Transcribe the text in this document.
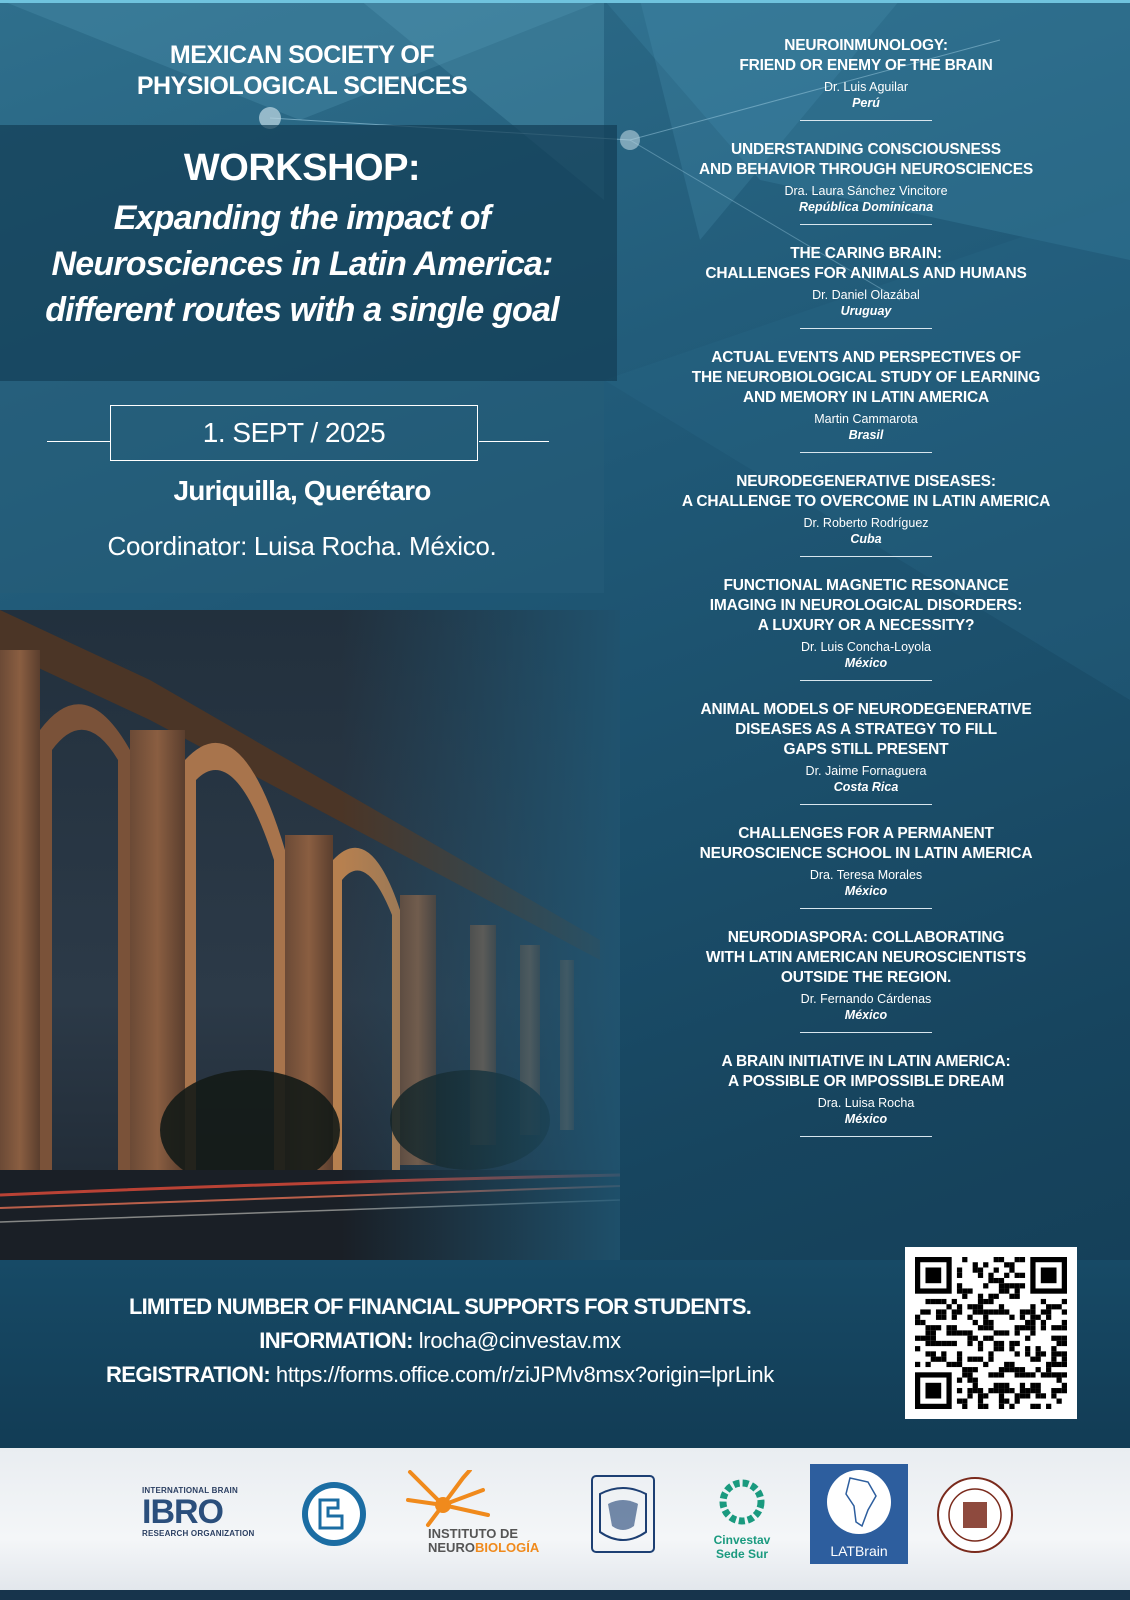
MEXICAN SOCIETY OF
PHYSIOLOGICAL SCIENCES
WORKSHOP:
Expanding the impact of
Neurosciences in Latin America:
different routes with a single goal
1. SEPT / 2025
Juriquilla, Querétaro
Coordinator: Luisa Rocha. México.
NEUROINMUNOLOGY:
FRIEND OR ENEMY OF THE BRAIN
Dr. Luis Aguilar
Perú
UNDERSTANDING CONSCIOUSNESS
AND BEHAVIOR THROUGH NEUROSCIENCES
Dra. Laura Sánchez Vincitore
República Dominicana
THE CARING BRAIN:
CHALLENGES FOR ANIMALS AND HUMANS
Dr. Daniel Olazábal
Uruguay
ACTUAL EVENTS AND PERSPECTIVES OF
THE NEUROBIOLOGICAL STUDY OF LEARNING
AND MEMORY IN LATIN AMERICA
Martin Cammarota
Brasil
NEURODEGENERATIVE DISEASES:
A CHALLENGE TO OVERCOME IN LATIN AMERICA
Dr. Roberto Rodríguez
Cuba
FUNCTIONAL MAGNETIC RESONANCE
IMAGING IN NEUROLOGICAL DISORDERS:
A LUXURY OR A NECESSITY?
Dr. Luis Concha-Loyola
México
ANIMAL MODELS OF NEURODEGENERATIVE
DISEASES AS A STRATEGY TO FILL
GAPS STILL PRESENT
Dr. Jaime Fornaguera
Costa Rica
CHALLENGES FOR A PERMANENT
NEUROSCIENCE SCHOOL IN LATIN AMERICA
Dra. Teresa Morales
México
NEURODIASPORA: COLLABORATING
WITH LATIN AMERICAN NEUROSCIENTISTS
OUTSIDE THE REGION.
Dr. Fernando Cárdenas
México
A BRAIN INITIATIVE IN LATIN AMERICA:
A POSSIBLE OR IMPOSSIBLE DREAM
Dra. Luisa Rocha
México
LIMITED NUMBER OF FINANCIAL SUPPORTS FOR STUDENTS.
INFORMATION: lrocha@cinvestav.mx
REGISTRATION: https://forms.office.com/r/ziJPMv8msx?origin=lprLink
INTERNATIONAL BRAIN
IBRO
RESEARCH ORGANIZATION	INSTITUTO DE
NEUROBIOLOGÍA	Cinvestav
Sede Sur	LATBrain
